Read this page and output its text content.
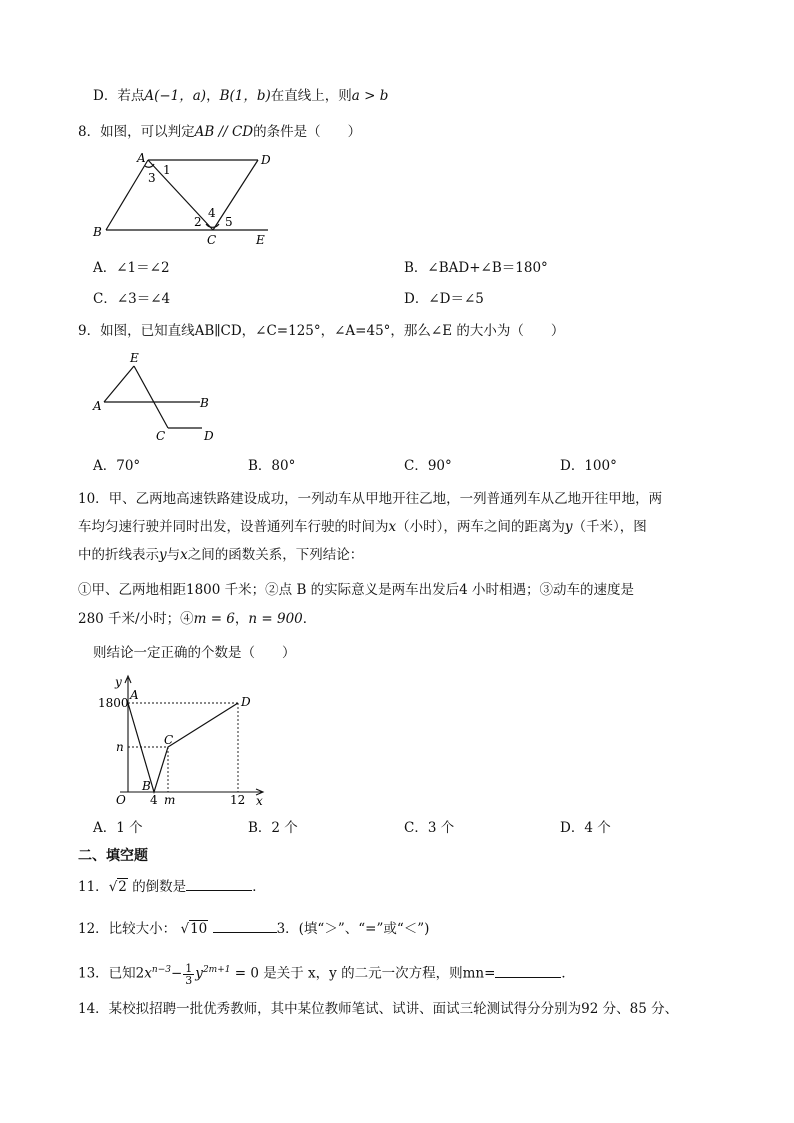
D．若点A(−1，a)，B(1，b)在直线上，则a > b
8．如图，可以判定AB // CD的条件是（　　）
A	D
B
C	E
1
2
3
4
5
A．∠1＝∠2	B．∠BAD+∠B＝180°
C．∠3＝∠4	D．∠D＝∠5
9．如图，已知直线AB∥CD，∠C=125°，∠A=45°，那么∠E 的大小为（　　）
E
A	B
C	D
A．70°	B．80°	C．90°	D．100°
10．甲、乙两地高速铁路建设成功，一列动车从甲地开往乙地，一列普通列车从乙地开往甲地，两
车均匀速行驶并同时出发，设普通列车行驶的时间为x（小时），两车之间的距离为y（千米），图
中的折线表示y与x之间的函数关系，下列结论：
①甲、乙两地相距1800 千米；②点 B 的实际意义是两车出发后4 小时相遇；③动车的速度是
280 千米/小时；④m = 6，n = 900．
则结论一定正确的个数是（　　）
y
x
O
A
B
C
D
1800
n
4 m	12
A．1 个	B．2 个	C．3 个	D．4 个
二、填空题
11．√2 的倒数是	．
12．比较大小： √10	3．(填“＞”、“=”或“＜”)
13．已知$2x^{n-3}- \frac{1}{3} y^{2m+1} = 0$ 是关于 x，y 的二元一次方程，则mn=	．
14．某校拟招聘一批优秀教师，其中某位教师笔试、试讲、面试三轮测试得分分别为92 分、85 分、
